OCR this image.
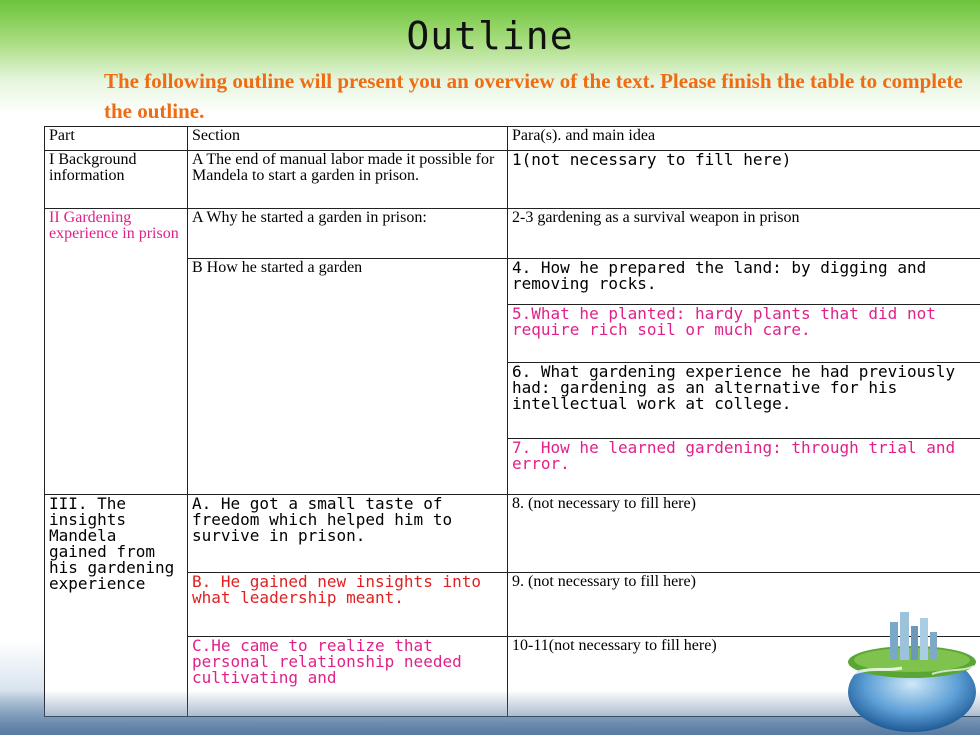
Outline
The following outline will present you an overview of the text. Please finish the table to complete the outline.
Part	Section	Para(s). and main idea
I Background information	A The end of manual labor made it possible for Mandela to start a garden in prison.	1(not necessary to fill here)
II Gardening experience in prison	A Why he started a garden in prison:	2-3 gardening as a survival weapon in prison
	B How he started a garden	4. How he prepared the land: by digging and removing rocks.
		5.What he planted: hardy plants that did not require rich soil or much care.
		6. What gardening experience he had previously had: gardening as an alternative for his intellectual work at college.
		7. How he learned gardening: through trial and error.
III. The insights Mandela gained from his gardening experience	A. He got a small taste of freedom which helped him to survive in prison.	8. (not necessary to fill here)
	B. He gained new insights into what leadership meant.	9. (not necessary to fill here)
	C.He came to realize that personal relationship needed cultivating and	10-11(not necessary to fill here)
